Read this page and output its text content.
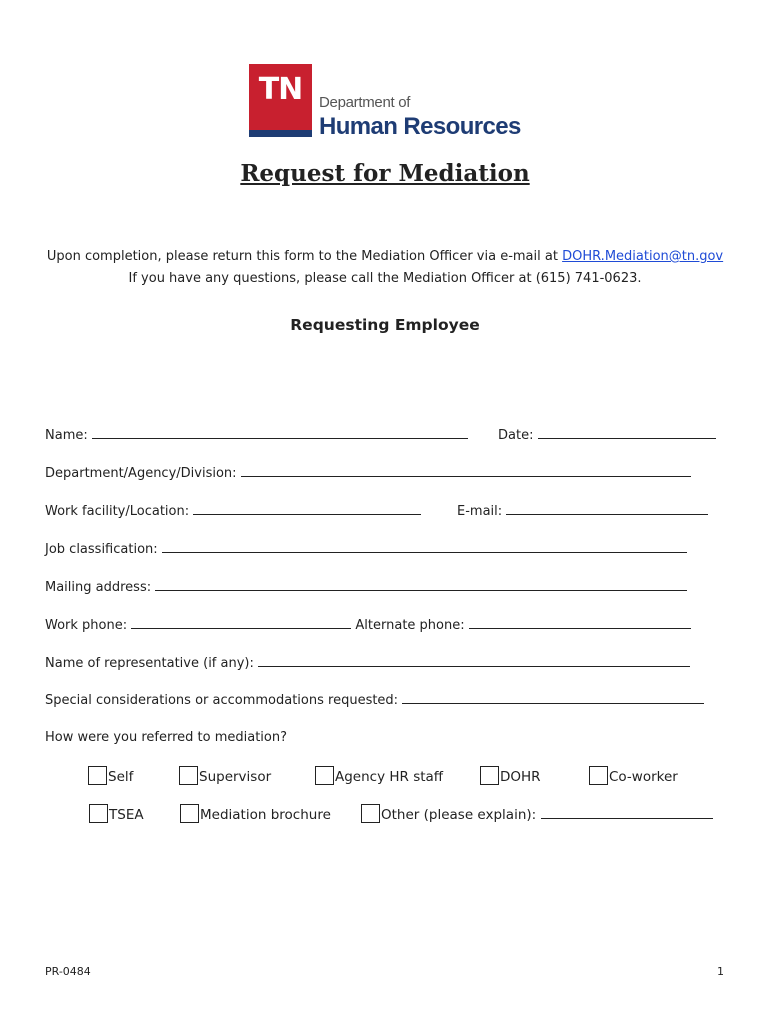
TN	Department of
Human Resources
Request for Mediation
Upon completion, please return this form to the Mediation Officer via e-mail at DOHR.Mediation@tn.gov
If you have any questions, please call the Mediation Officer at (615) 741-0623.
Requesting Employee
Name:	Date:
Department/Agency/Division:
Work facility/Location:	E-mail:
Job classification:
Mailing address:
Work phone:	Alternate phone:
Name of representative (if any):
Special considerations or accommodations requested:
How were you referred to mediation?
Self	Supervisor	Agency HR staff	DOHR	Co-worker
TSEA	Mediation brochure	Other (please explain):
PR-0484	1
